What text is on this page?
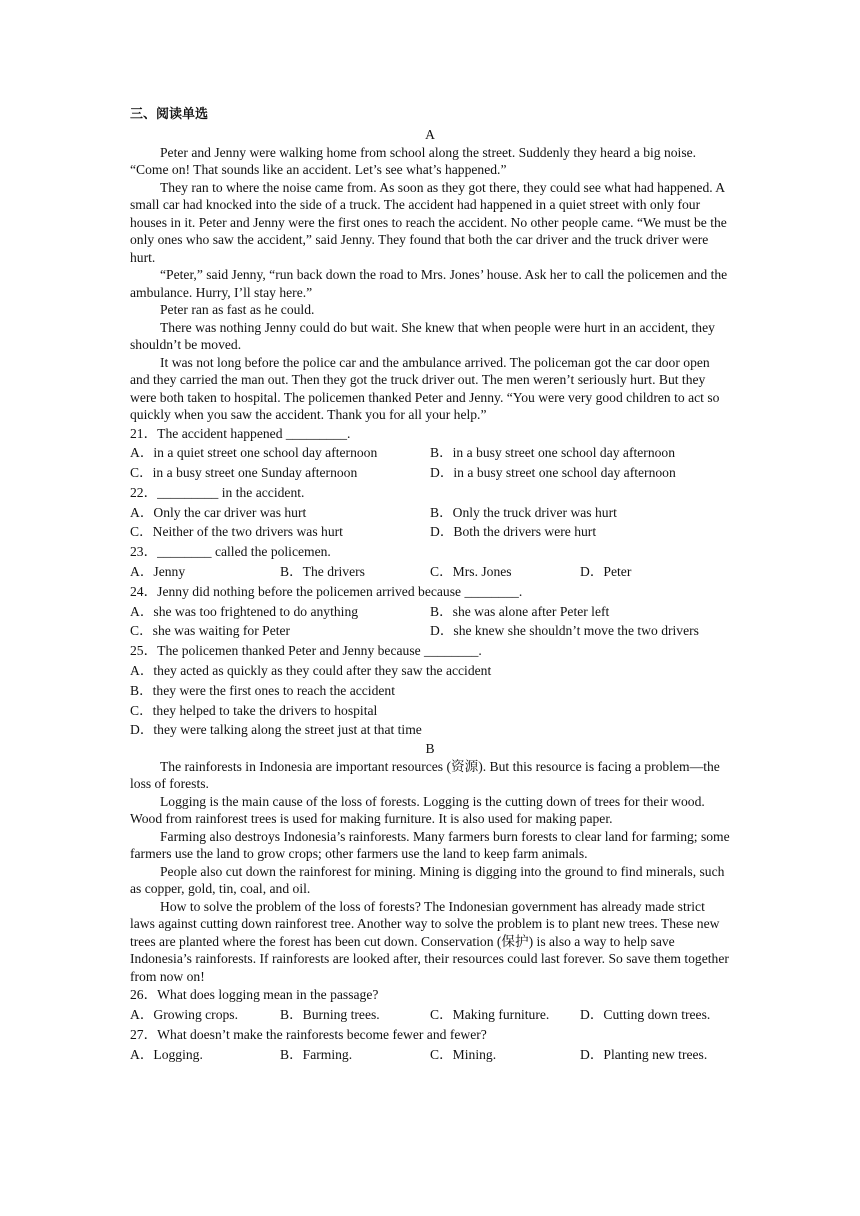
三、阅读单选
A

Peter and Jenny were walking home from school along the street. Suddenly they heard a big noise. “Come on! That sounds like an accident. Let’s see what’s happened.”

They ran to where the noise came from. As soon as they got there, they could see what had happened. A small car had knocked into the side of a truck. The accident had happened in a quiet street with only four houses in it. Peter and Jenny were the first ones to reach the accident. No other people came. “We must be the only ones who saw the accident,” said Jenny. They found that both the car driver and the truck driver were hurt.

“Peter,” said Jenny, “run back down the road to Mrs. Jones’ house. Ask her to call the policemen and the ambulance. Hurry, I’ll stay here.”

Peter ran as fast as he could.

There was nothing Jenny could do but wait. She knew that when people were hurt in an accident, they shouldn’t be moved.

It was not long before the police car and the ambulance arrived. The policeman got the car door open and they carried the man out. Then they got the truck driver out. The men weren’t seriously hurt. But they were both taken to hospital. The policemen thanked Peter and Jenny. “You were very good children to act so quickly when you saw the accident. Thank you for all your help.”

21．The accident happened _________.

A．in a quiet street one school day afternoon	B．in a busy street one school day afternoon
C．in a busy street one Sunday afternoon	D．in a busy street one school day afternoon

22．_________ in the accident.

A．Only the car driver was hurt	B．Only the truck driver was hurt
C．Neither of the two drivers was hurt	D．Both the drivers were hurt

23．________ called the policemen.

A．Jenny	B．The drivers	C．Mrs. Jones	D．Peter

24．Jenny did nothing before the policemen arrived because ________.

A．she was too frightened to do anything	B．she was alone after Peter left
C．she was waiting for Peter	D．she knew she shouldn’t move the two drivers

25．The policemen thanked Peter and Jenny because ________.

A．they acted as quickly as they could after they saw the accident
B．they were the first ones to reach the accident
C．they helped to take the drivers to hospital
D．they were talking along the street just at that time
B

The rainforests in Indonesia are important resources (资源). But this resource is facing a problem—the loss of forests.

Logging is the main cause of the loss of forests. Logging is the cutting down of trees for their wood. Wood from rainforest trees is used for making furniture. It is also used for making paper.

Farming also destroys Indonesia’s rainforests. Many farmers burn forests to clear land for farming; some farmers use the land to grow crops; other farmers use the land to keep farm animals.

People also cut down the rainforest for mining. Mining is digging into the ground to find minerals, such as copper, gold, tin, coal, and oil.

How to solve the problem of the loss of forests? The Indonesian government has already made strict laws against cutting down rainforest tree. Another way to solve the problem is to plant new trees. These new trees are planted where the forest has been cut down. Conservation (保护) is also a way to help save Indonesia’s rainforests. If rainforests are looked after, their resources could last forever. So save them together from now on!

26．What does logging mean in the passage?

A．Growing crops.	B．Burning trees.	C．Making furniture.	D．Cutting down trees.

27．What doesn’t make the rainforests become fewer and fewer?

A．Logging.	B．Farming.	C．Mining.	D．Planting new trees.
